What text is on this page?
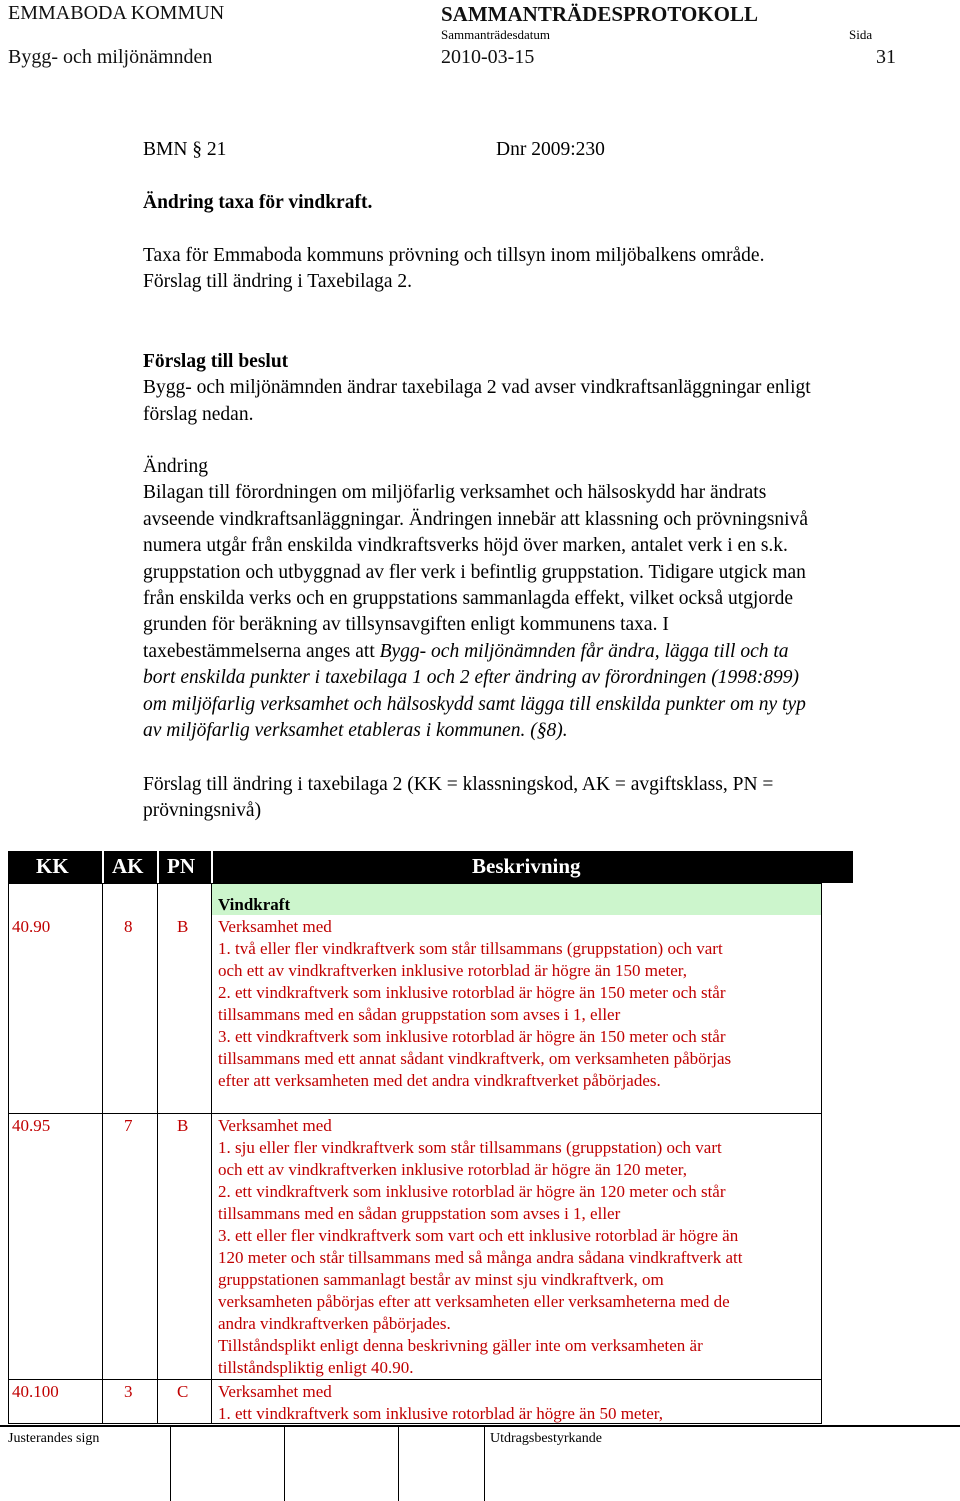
EMMABODA KOMMUN	SAMMANTRÄDESPROTOKOLL
Sammanträdesdatum	Sida
Bygg- och miljönämnden	2010-03-15	31
BMN § 21	Dnr 2009:230
Ändring taxa för vindkraft.
Taxa för Emmaboda kommuns prövning och tillsyn inom miljöbalkens område.
Förslag till ändring i Taxebilaga 2.
Förslag till beslut
Bygg- och miljönämnden ändrar taxebilaga 2 vad avser vindkraftsanläggningar enligt
förslag nedan.
Ändring
Bilagan till förordningen om miljöfarlig verksamhet och hälsoskydd har ändrats
avseende vindkraftsanläggningar. Ändringen innebär att klassning och prövningsnivå
numera utgår från enskilda vindkraftsverks höjd över marken, antalet verk i en s.k.
gruppstation och utbyggnad av fler verk i befintlig gruppstation. Tidigare utgick man
från enskilda verks och en gruppstations sammanlagda effekt, vilket också utgjorde
grunden för beräkning av tillsynsavgiften enligt kommunens taxa. I
taxebestämmelserna anges att Bygg- och miljönämnden får ändra, lägga till och ta
bort enskilda punkter i taxebilaga 1 och 2 efter ändring av förordningen (1998:899)
om miljöfarlig verksamhet och hälsoskydd samt lägga till enskilda punkter om ny typ
av miljöfarlig verksamhet etableras i kommunen. (§8).
Förslag till ändring i taxebilaga 2 (KK = klassningskod, AK = avgiftsklass, PN =
prövningsnivå)
KK AK PN	Beskrivning
Vindkraft
40.90	8	B Verksamhet med
1. två eller fler vindkraftverk som står tillsammans (gruppstation) och vart
och ett av vindkraftverken inklusive rotorblad är högre än 150 meter,
2. ett vindkraftverk som inklusive rotorblad är högre än 150 meter och står
tillsammans med en sådan gruppstation som avses i 1, eller
3. ett vindkraftverk som inklusive rotorblad är högre än 150 meter och står
tillsammans med ett annat sådant vindkraftverk, om verksamheten påbörjas
efter att verksamheten med det andra vindkraftverket påbörjades.
40.95	7	B Verksamhet med
1. sju eller fler vindkraftverk som står tillsammans (gruppstation) och vart
och ett av vindkraftverken inklusive rotorblad är högre än 120 meter,
2. ett vindkraftverk som inklusive rotorblad är högre än 120 meter och står
tillsammans med en sådan gruppstation som avses i 1, eller
3. ett eller fler vindkraftverk som vart och ett inklusive rotorblad är högre än
120 meter och står tillsammans med så många andra sådana vindkraftverk att
gruppstationen sammanlagt består av minst sju vindkraftverk, om
verksamheten påbörjas efter att verksamheten eller verksamheterna med de
andra vindkraftverken påbörjades.
Tillståndsplikt enligt denna beskrivning gäller inte om verksamheten är
tillståndspliktig enligt 40.90.
40.100	3	C Verksamhet med
1. ett vindkraftverk som inklusive rotorblad är högre än 50 meter,
Justerandes sign	Utdragsbestyrkande
